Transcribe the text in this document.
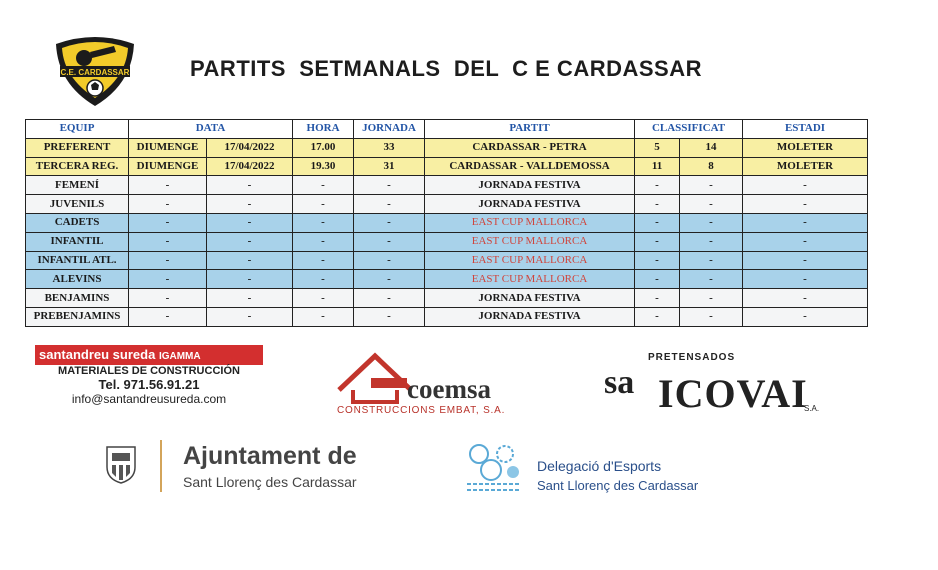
C.E. CARDASSAR	PARTITS  SETMANALS  DEL  C E CARDASSAR
EQUIP	DATA		HORA	JORNADA	PARTIT	CLASSIFICAT		ESTADI
PREFERENT	DIUMENGE	17/04/2022	17.00	33	CARDASSAR - PETRA	5	14	MOLETER
TERCERA REG.	DIUMENGE	17/04/2022	19.30	31	CARDASSAR - VALLDEMOSSA	11	8	MOLETER
FEMENÍ	-	-	-	-	JORNADA FESTIVA	-	-	-
JUVENILS	-	-	-	-	JORNADA FESTIVA	-	-	-
CADETS	-	-	-	-	EAST CUP MALLORCA	-	-	-
INFANTIL	-	-	-	-	EAST CUP MALLORCA	-	-	-
INFANTIL ATL.	-	-	-	-	EAST CUP MALLORCA	-	-	-
ALEVINS	-	-	-	-	EAST CUP MALLORCA	-	-	-
BENJAMINS	-	-	-	-	JORNADA FESTIVA	-	-	-
PREBENJAMINS	-	-	-	-	JORNADA FESTIVA	-	-	-
santandreu sureda IGAMMA
MATERIALES DE CONSTRUCCIÓN
Tel. 971.56.91.21
info@santandreusureda.com	coemsa
CONSTRUCCIONS EMBAT, S.A.
PRETENSADOS
sa ICOVAI
S.A.
Ajuntament de
Sant Llorenç des Cardassar
Delegació d'Esports
Sant Llorenç des Cardassar
